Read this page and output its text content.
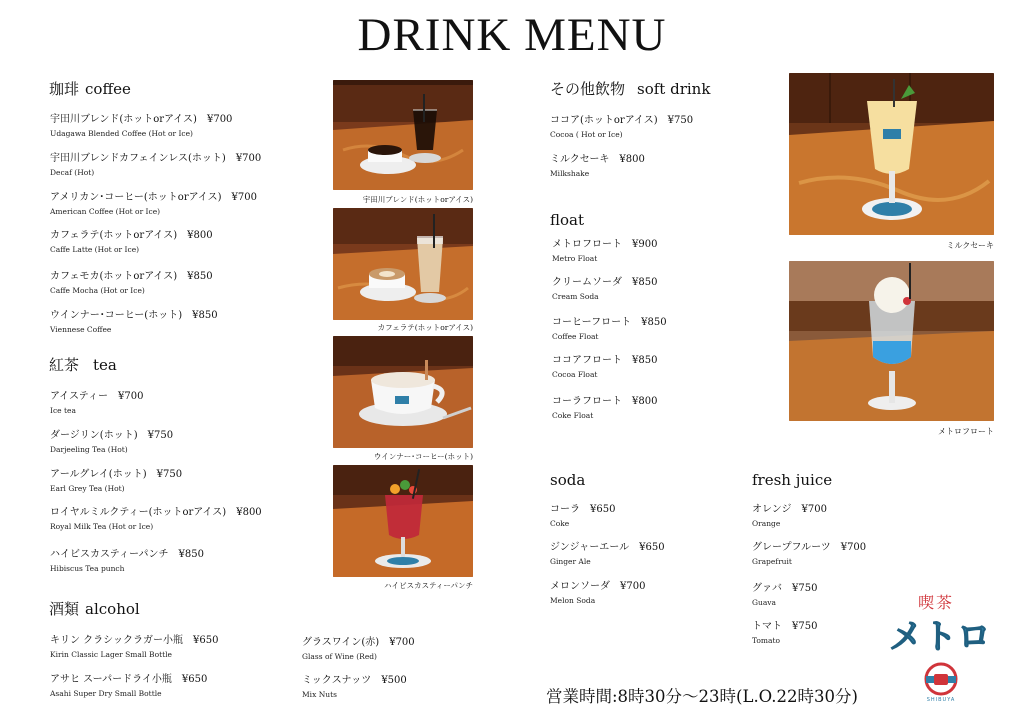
DRINK MENU
珈琲 coffee
宇田川ブレンド(ホットorアイス) ¥700
Udagawa Blended Coffee (Hot or Ice)
宇田川ブレンドカフェインレス(ホット) ¥700
Decaf (Hot)
アメリカン･コーヒー(ホットorアイス) ¥700
American Coffee (Hot or Ice)
カフェラテ(ホットorアイス) ¥800
Caffe Latte (Hot or Ice)
カフェモカ(ホットorアイス) ¥850
Caffe Mocha (Hot or Ice)
ウインナー･コーヒー(ホット) ¥850
Viennese Coffee
紅茶 tea
アイスティー ¥700
Ice tea
ダージリン(ホット) ¥750
Darjeeling Tea (Hot)
アールグレイ(ホット) ¥750
Earl Grey Tea (Hot)
ロイヤルミルクティー(ホットorアイス) ¥800
Royal Milk Tea (Hot or Ice)
ハイビスカスティーパンチ ¥850
Hibiscus Tea punch
酒類 alcohol
キリン クラシックラガー小瓶 ¥650
Kirin Classic Lager Small Bottle
アサヒ スーパードライ小瓶 ¥650
Asahi Super Dry Small Bottle
グラスワイン(赤) ¥700
Glass of Wine (Red)
ミックスナッツ ¥500
Mix Nuts
宇田川ブレンド(ホットorアイス)
カフェラテ(ホットorアイス)
ウインナー･コーヒー(ホット)
ハイビスカスティーパンチ
その他飲物 soft drink
ココア(ホットorアイス) ¥750
Cocoa ( Hot or Ice)
ミルクセーキ ¥800
Milkshake
float
メトロフロート ¥900
Metro Float
クリームソーダ ¥850
Cream Soda
コーヒーフロート ¥850
Coffee Float
ココアフロート ¥850
Cocoa Float
コーラフロート ¥800
Coke Float
ミルクセーキ
メトロフロート
soda
コーラ ¥650
Coke
ジンジャーエール ¥650
Ginger Ale
メロンソーダ ¥700
Melon Soda
fresh juice
オレンジ ¥700
Orange
グレープフルーツ ¥700
Grapefruit
グァバ ¥750
Guava
トマト ¥750
Tomato
喫茶
メトロ
SHIBUYA
営業時間:8時30分～23時(L.O.22時30分)
